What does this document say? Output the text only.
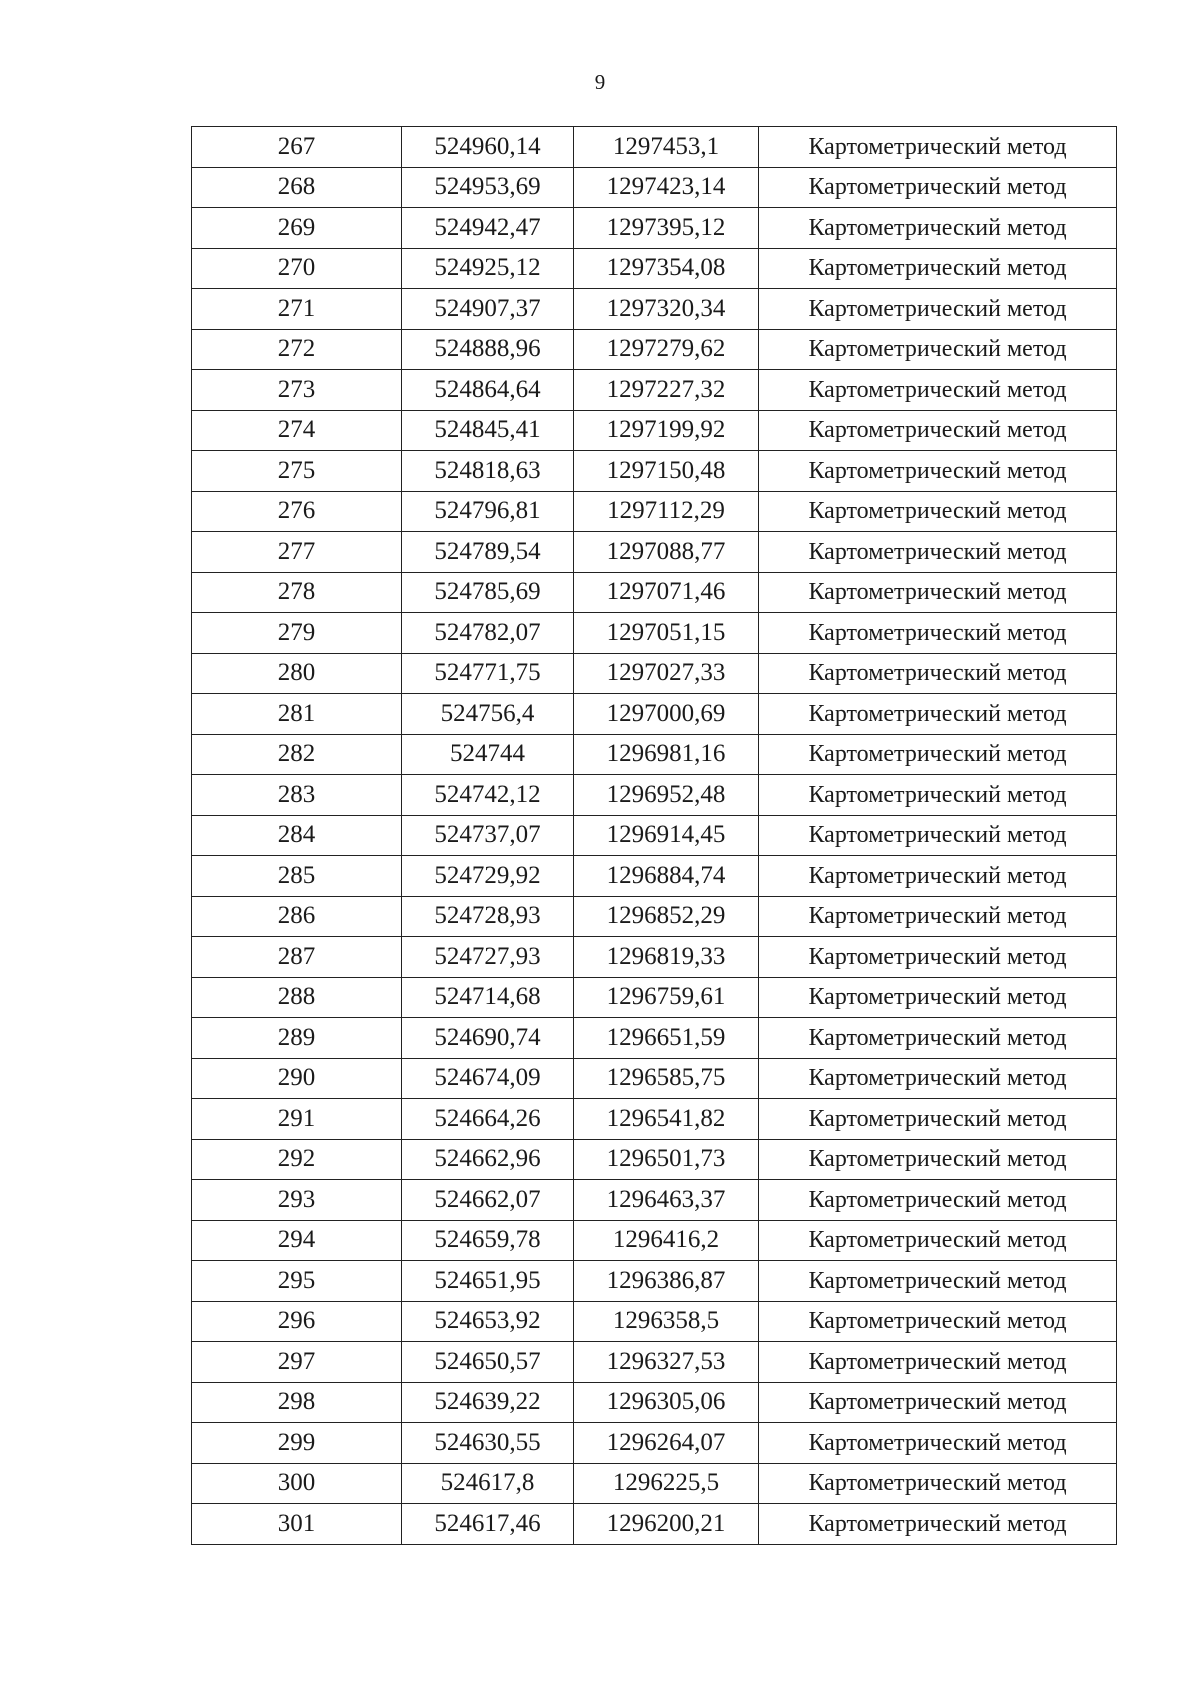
9
267	524960,14	1297453,1	Картометрический метод
268	524953,69	1297423,14	Картометрический метод
269	524942,47	1297395,12	Картометрический метод
270	524925,12	1297354,08	Картометрический метод
271	524907,37	1297320,34	Картометрический метод
272	524888,96	1297279,62	Картометрический метод
273	524864,64	1297227,32	Картометрический метод
274	524845,41	1297199,92	Картометрический метод
275	524818,63	1297150,48	Картометрический метод
276	524796,81	1297112,29	Картометрический метод
277	524789,54	1297088,77	Картометрический метод
278	524785,69	1297071,46	Картометрический метод
279	524782,07	1297051,15	Картометрический метод
280	524771,75	1297027,33	Картометрический метод
281	524756,4	1297000,69	Картометрический метод
282	524744	1296981,16	Картометрический метод
283	524742,12	1296952,48	Картометрический метод
284	524737,07	1296914,45	Картометрический метод
285	524729,92	1296884,74	Картометрический метод
286	524728,93	1296852,29	Картометрический метод
287	524727,93	1296819,33	Картометрический метод
288	524714,68	1296759,61	Картометрический метод
289	524690,74	1296651,59	Картометрический метод
290	524674,09	1296585,75	Картометрический метод
291	524664,26	1296541,82	Картометрический метод
292	524662,96	1296501,73	Картометрический метод
293	524662,07	1296463,37	Картометрический метод
294	524659,78	1296416,2	Картометрический метод
295	524651,95	1296386,87	Картометрический метод
296	524653,92	1296358,5	Картометрический метод
297	524650,57	1296327,53	Картометрический метод
298	524639,22	1296305,06	Картометрический метод
299	524630,55	1296264,07	Картометрический метод
300	524617,8	1296225,5	Картометрический метод
301	524617,46	1296200,21	Картометрический метод
